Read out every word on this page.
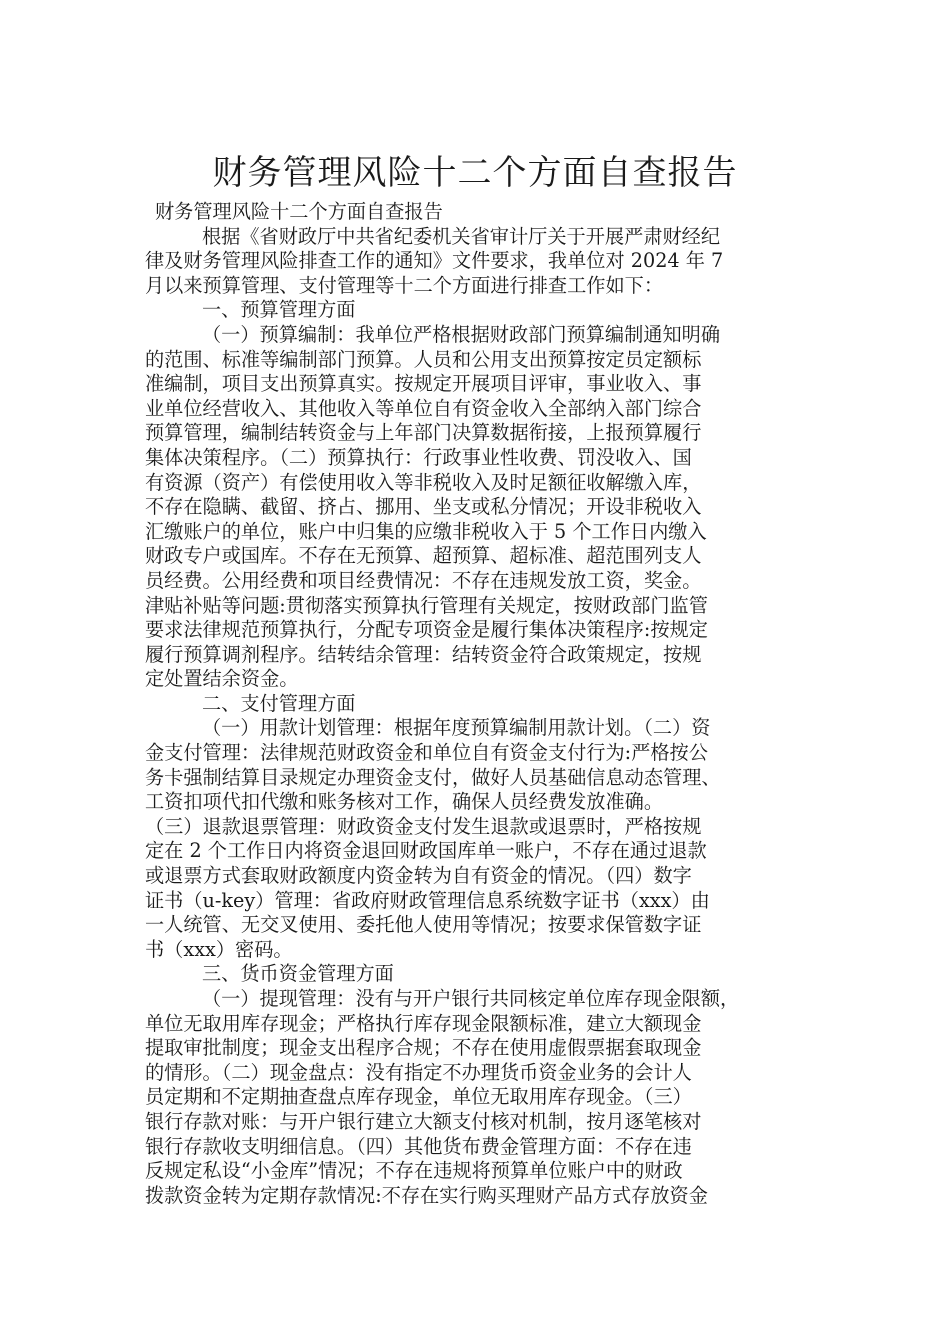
财务管理风险十二个方面自查报告
财务管理风险十二个方面自查报告
根据《省财政厅中共省纪委机关省审计厅关于开展严肃财经纪
律及财务管理风险排查工作的通知》文件要求，我单位对 2024 年 7
月以来预算管理、支付管理等十二个方面进行排查工作如下：
一、预算管理方面
（一）预算编制：我单位严格根据财政部门预算编制通知明确
的范围、标准等编制部门预算。人员和公用支出预算按定员定额标
准编制，项目支出预算真实。按规定开展项目评审，事业收入、事
业单位经营收入、其他收入等单位自有资金收入全部纳入部门综合
预算管理，编制结转资金与上年部门决算数据衔接，上报预算履行
集体决策程序。（二）预算执行：行政事业性收费、罚没收入、国
有资源（资产）有偿使用收入等非税收入及时足额征收解缴入库，
不存在隐瞒、截留、挤占、挪用、坐支或私分情况；开设非税收入
汇缴账户的单位，账户中归集的应缴非税收入于 5 个工作日内缴入
财政专户或国库。不存在无预算、超预算、超标准、超范围列支人
员经费。公用经费和项目经费情况：不存在违规发放工资，奖金。
津贴补贴等问题:贯彻落实预算执行管理有关规定，按财政部门监管
要求法律规范预算执行，分配专项资金是履行集体决策程序:按规定
履行预算调剂程序。结转结余管理：结转资金符合政策规定，按规
定处置结余资金。
二、支付管理方面
（一）用款计划管理：根据年度预算编制用款计划。（二）资
金支付管理：法律规范财政资金和单位自有资金支付行为:严格按公
务卡强制结算目录规定办理资金支付，做好人员基础信息动态管理、
工资扣项代扣代缴和账务核对工作，确保人员经费发放准确。
（三）退款退票管理：财政资金支付发生退款或退票时，严格按规
定在 2 个工作日内将资金退回财政国库单一账户，不存在通过退款
或退票方式套取财政额度内资金转为自有资金的情况。（四）数字
证书（u-key）管理：省政府财政管理信息系统数字证书（xxx）由
一人统管、无交叉使用、委托他人使用等情况；按要求保管数字证
书（xxx）密码。
三、货币资金管理方面
（一）提现管理：没有与开户银行共同核定单位库存现金限额，
单位无取用库存现金；严格执行库存现金限额标准，建立大额现金
提取审批制度；现金支出程序合规；不存在使用虚假票据套取现金
的情形。（二）现金盘点：没有指定不办理货币资金业务的会计人
员定期和不定期抽查盘点库存现金，单位无取用库存现金。（三）
银行存款对账：与开户银行建立大额支付核对机制，按月逐笔核对
银行存款收支明细信息。（四）其他货布费金管理方面：不存在违
反规定私设“小金库”情况；不存在违规将预算单位账户中的财政
拨款资金转为定期存款情况:不存在实行购买理财产品方式存放资金
